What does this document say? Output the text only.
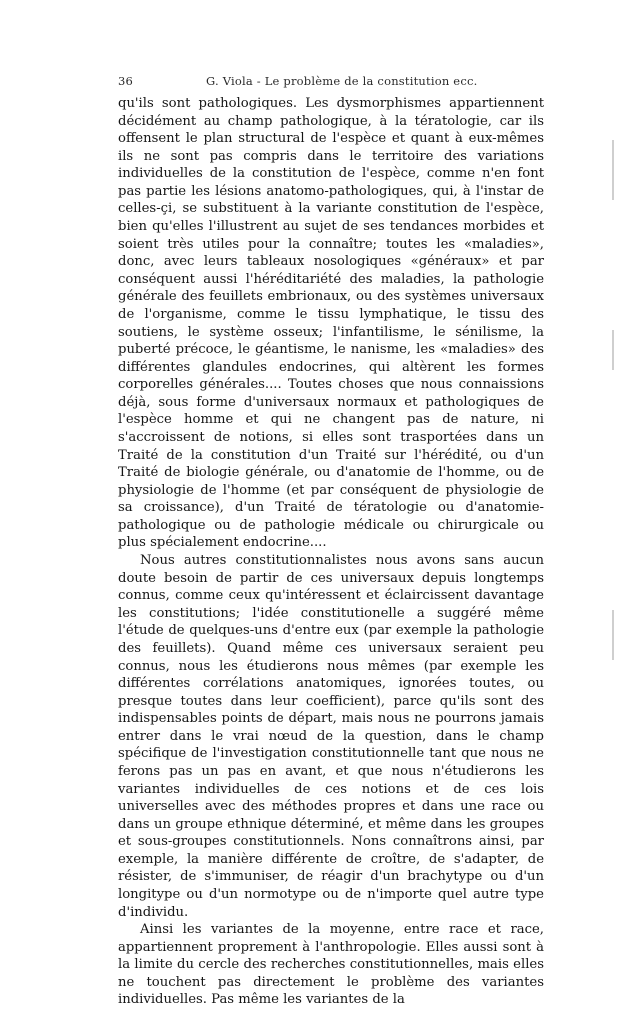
36	G. Viola - Le problème de la constitution ecc.

qu'ils sont pathologiques. Les dysmorphismes appartiennent décidément au champ pathologique, à la tératologie, car ils offensent le plan structural de l'espèce et quant à eux-mêmes ils ne sont pas compris dans le territoire des variations individuelles de la constitution de l'espèce, comme n'en font pas partie les lésions anatomo-pathologiques, qui, à l'instar de celles-çi, se substituent à la variante constitution de l'espèce, bien qu'elles l'illustrent au sujet de ses tendances morbides et soient très utiles pour la connaître; toutes les «maladies», donc, avec leurs tableaux nosologiques «généraux» et par conséquent aussi l'héréditariété des maladies, la pathologie générale des feuillets embrionaux, ou des systèmes universaux de l'organisme, comme le tissu lymphatique, le tissu des soutiens, le système osseux; l'infantilisme, le sénilisme, la puberté précoce, le géantisme, le nanisme, les «maladies» des différentes glandules endocrines, qui altèrent les formes corporelles générales.... Toutes choses que nous connaissions déjà, sous forme d'universaux normaux et pathologiques de l'espèce homme et qui ne changent pas de nature, ni s'accroissent de notions, si elles sont trasportées dans un Traité de la constitution d'un Traité sur l'hérédité, ou d'un Traité de biologie générale, ou d'anatomie de l'homme, ou de physiologie de l'homme (et par conséquent de physiologie de sa croissance), d'un Traité de tératologie ou d'anatomie-pathologique ou de pathologie médicale ou chirurgicale ou plus spécialement endocrine....

Nous autres constitutionnalistes nous avons sans aucun doute besoin de partir de ces universaux depuis longtemps connus, comme ceux qu'intéressent et éclaircissent davantage les constitutions; l'idée constitutionelle a suggéré même l'étude de quelques-uns d'entre eux (par exemple la pathologie des feuillets). Quand même ces universaux seraient peu connus, nous les étudierons nous mêmes (par exemple les différentes corrélations anatomiques, ignorées toutes, ou presque toutes dans leur coefficient), parce qu'ils sont des indispensables points de départ, mais nous ne pourrons jamais entrer dans le vrai nœud de la question, dans le champ spécifique de l'investigation constitutionnelle tant que nous ne ferons pas un pas en avant, et que nous n'étudierons les variantes individuelles de ces notions et de ces lois universelles avec des méthodes propres et dans une race ou dans un groupe ethnique déterminé, et même dans les groupes et sous-groupes constitutionnels. Nons connaîtrons ainsi, par exemple, la manière différente de croître, de s'adapter, de résister, de s'immuniser, de réagir d'un brachytype ou d'un longitype ou d'un normotype ou de n'importe quel autre type d'individu.

Ainsi les variantes de la moyenne, entre race et race, appartiennent proprement à l'anthropologie. Elles aussi sont à la limite du cercle des recherches constitutionnelles, mais elles ne touchent pas directement le problème des variantes individuelles. Pas même les variantes de la
